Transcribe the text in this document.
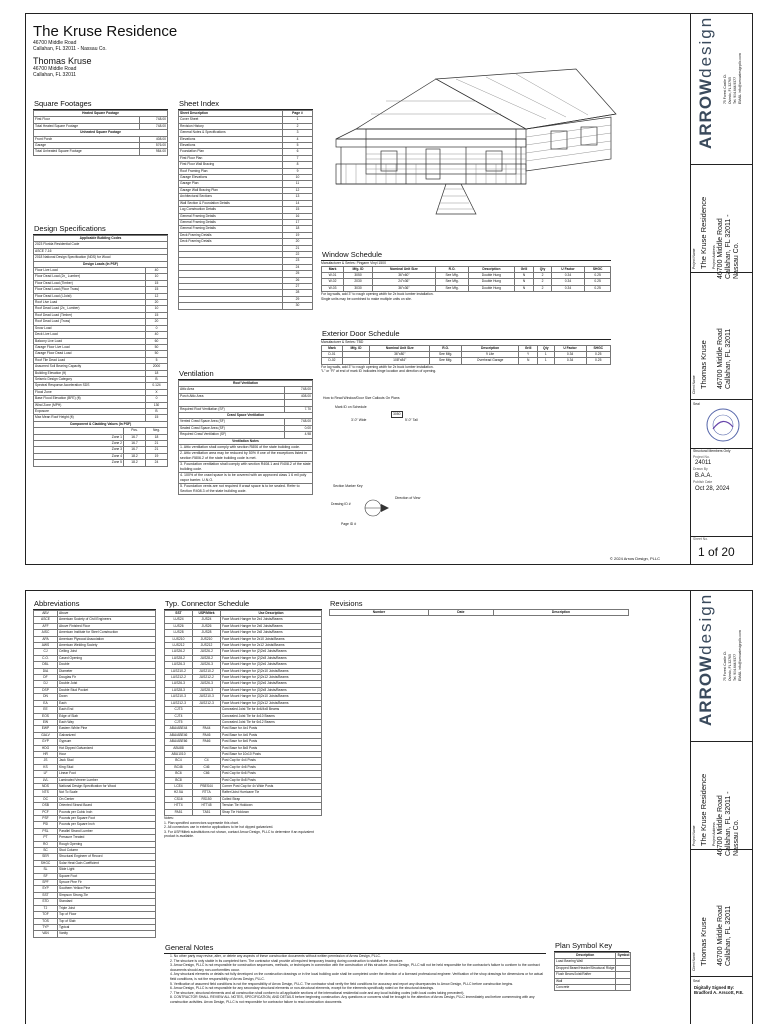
The Kruse Residence
46700 Middle Road
Callahan, FL 32011 - Nassau Co.
Thomas Kruse
46700 Middle Road
Callahan, FL 32011
Square Footages
Heated Square Footage	
First Floor	748.00
Total Heated Square Footage	748.00
Unheated Square Footage	
Front Porch	408.00
Garage	576.00
Total Unheated Square Footage	984.00
Design Specifications
Applicable Building Codes		
2023 Florida Residential Code		
ASCE 7-16		
2018 National Design Specification (NDS) for Wood		
Design Loads (In PSF)		
Floor Live Load		40
Floor Dead Load (2x_ Lumber)		10
Floor Dead Load (Timber)		15
Floor Dead Load (Floor Truss)		15
Floor Dead Load (I-Joist)		12
Roof Live Load		20
Roof Dead Load (2x_ Lumber)		10
Roof Dead Load (Timber)		15
Roof Dead Load (Truss)		20
Snow Load		0
Deck Live Load		40
Balcony Live Load		60
Garage Floor Live Load		50
Garage Floor Dead Load		50
Roof Tile Dead Load		5
Assumed Soil Bearing Capacity		2000
Building Elevation (ft)		18
Seismic Design Category		B
Spectral Response Acceleration SDS		0.124
Flood Zone		X
Base Flood Elevation (BFE) (ft)		0
Wind Zone (MPH)		130
Exposure		B
Max Mean Roof Height (ft)		15
Component & Cladding Values (In PSF)		
	Pos.	Neg.
Zone 1	16.7	18
Zone 2	16.7	21
Zone 3	16.7	21
Zone 4	18.2	19
Zone 5	18.2	24
Sheet Index
Sheet Description	Page #
Cover Sheet	1
Revision History	2
General Notes & Specifications	3
Elevations	4
Elevations	5
Foundation Plan	6
First Floor Plan	7
First Floor Wall Bracing	8
Roof Framing Plan	9
Garage Elevations	10
Garage Plan	11
Garage Wall Bracing Plan	12
Architectural Sections	13
Wall Section & Foundation Details	14
Log Construction Details	15
General Framing Details	16
General Framing Details	17
General Framing Details	18
Deck Framing Details	19
Deck Framing Details	20
	21
	22
	23
	24
	25
	26
	27
	28
	29
	30
Ventilation
Roof Ventilation	
Attic Area	748.00
Porch Attic Area	408.00

Required Roof Ventilation (SF)	7.70
Crawl Space Ventilation	
Vented Crawl Space Area (SF)	748.00
Sealed Crawl Space Area (SF)	0.00
Required Crawl Ventilation (SF)	4.98
Ventilation Notes	
1. Attic ventilation shall comply with section R806 of the state building code.
2. Attic ventilation area may be reduced by 50% if one of the exceptions listed in section R806.2 of the state building code is met.
3. Foundation ventilation shall comply with section R408.1 and R408.2 of the state building code.
4. 100% of the crawl space is to be covered with an approved class 1 6 mil poly vapor barrier. U.N.O.
5. Foundation vents are not required if crawl space is to be sealed. Refer to Section R408.3 of the state building code.
Window Schedule
Manufacturer & Series: Pingarm Vinyl 1500
Mark	Mfg. ID	Nominal Unit Size	R.O.	Description	Grill	Qty	U Factor	SHGC
W-01	3050	36"x60"	See Mfg.	Double Hung	N	2	0.34	0.25
W-02	2030	24"x36"	See Mfg.	Double Hung	N	2	0.34	0.25
W-03	3030	36"x36"	See Mfg.	Double Hung	N	2	0.34	0.25
For log walls, add 3" to rough opening width for 2x buck lumber installation.
Single units may be combined to make multiple units on site.
Exterior Door Schedule
Manufacturer & Series: TBD
Mark	Mfg. ID	Nominal Unit Size	R.O.	Description	Grill	Qty	U Factor	SHGC
D-01		36"x80"	See Mfg.	9 Lite	Y	1	0.34	0.25
D-02		108"x84"	See Mfg.	Overhead Garage	N	1	0.34	0.25
For log walls, add 3" to rough opening width for 2x buck lumber installation.
"L" or "R" at end of mark ID indicates hinge location and direction of opening.
How to Read Window/Door Size Callouts On Plans
Mark ID on Schedule
3050
3'-0" Wide	5'-0" Tall
Section Marker Key
Drawing ID #
Direction of View
Page ID #
© 2024 Arrow Design, PLLC
ARROWdesign
75 Forest Castle Ct. Oviedo, FL 32765 Tel. 904.644.9377 EMAIL info@arrowdesignpllc.com
Project Name The Kruse Residence Project Address 46700 Middle Road Callahan, FL 32011 - Nassau Co.
Client Name Thomas Kruse 46700 Middle Road Callahan, FL 32011
Seal
Structural Members Only
Project No.
24011
Drawn By
B.A.A.
Publish Date
Oct 28, 2024
Sheet No.
1 of 20
Abbreviations
ABV	Above
ASCE	American Society of Civil Engineers
AFF	Above Finished Floor
AISC	American Institute for Steel Construction
APA	American Plywood Association
AWS	American Welding Society
CJ	Ceiling Joist
C.O.	Cased Opening
DBL	Double
DIA	Diameter
DF	Douglas Fir
DJ	Double Joist
DSP	Double Stud Pocket
DN	Down
EA	Each
EE	Each End
EOS	Edge of Slab
EW	Each Way
EWP	Eastern White Pine
GALV	Galvanized
GYP	Gypsum
HDG	Hot Dipped Galvanized
HR	Hour
JS	Jack Stud
KS	King Stud
LF	Linear Foot
LVL	Laminated Veneer Lumber
NDS	National Design Specification for Wood
NTS	Not To Scale
OC	On Center
OSB	Oriented Strand Board
PCF	Pounds per Cubic Inch
PSF	Pounds per Square Foot
PSI	Pounds per Square Inch
PSL	Parallel Strand Lumber
PT	Pressure Treated
RO	Rough Opening
SC	Stud Column
SER	Structural Engineer of Record
SHGC	Solar Heat Gain Coefficient
SL	Slide Light
SF	Square Foot
SPF	Spruce Pine Fir
SYP	Southern Yellow Pine
SST	Simpson Strong-Tie
STD	Standard
TJ	Triple Joist
TOF	Top of Floor
TOS	Top of Slab
TYP	Typical
VAN	Vanity
Typ. Connector Schedule
SST	USP/Mitek	Use Description
LUS24	JUS24	Face Mount Hanger for 2x4 Joists/Beams
LUS26	JUS26	Face Mount Hanger for 2x6 Joists/Beams
LUS28	JUS28	Face Mount Hanger for 2x8 Joists/Beams
LUS210	JUS210	Face Mount Hanger for 2x10 Joists/Beams
LUS212	JUS212	Face Mount Hanger for 2x12 Joists/Beams
LUS26-2	JUS26-2	Face Mount Hanger for (2)2x6 Joists/Beams
LUS28-2	JUS28-2	Face Mount Hanger for (2)2x8 Joists/Beams
LUS26-3	JUS26-3	Face Mount Hanger for (3)2x6 Joists/Beams
LUS210-2	JUS210-2	Face Mount Hanger for (2)2x10 Joists/Beams
LUS212-2	JUS212-2	Face Mount Hanger for (2)2x12 Joists/Beams
LUS26-3	JUS26-3	Face Mount Hanger for (3)2x6 Joists/Beams
LUS28-3	JUS28-3	Face Mount Hanger for (3)2x8 Joists/Beams
LUS210-3	JUS210-3	Face Mount Hanger for (3)2x10 Joists/Beams
LUS212-3	JUS212-3	Face Mount Hanger for (3)2x12 Joists/Beams
CJT3		Concealed Joist Tie for 4x6/4x8 Beams
CJT4		Concealed Joist Tie for 4x10 Beams
CJT5		Concealed Joist Tie for 6x12 Beams
ABA/ABE44	PA44	Post Base for 4x4 Posts
ABA/ABE46	PA46	Post Base for 4x6 Posts
ABA/ABE66	PA66	Post Base for 6x6 Posts
ABU88		Post Base for 8x8 Posts
ABU1010		Post Base for 10x10 Posts
BC4	C4	Post Cap for 4x4 Posts
BC46	C46	Post Cap for 4x6 Posts
BC6	C66	Post Cap for 6x6 Posts
BC8		Post Cap for 8x8 Posts
LCE4	PBES44	Corner Post Cap for 4x Wide Posts
H2.5A	RT7A	Rafter/Joist Hurricane Tie
CS16	RS150	Coiled Strap
HTT4	HTT45	Tension Tie Holdown
PA51	TA51	Strap Tie Holdown
Notes:
1. Plan specified connectors supersede this chart.
2. All connectors use in exterior applications to be hot dipped galvanized.
3. For USP/Mitek substitutions not shown, contact Arrow Design, PLLC to determine if an equivalent product is available.
Revisions
Number	Date	Description
General Notes
1. No other party may revise, alter, or delete any aspects of these construction documents without written permission of Arrow Design, PLLC.
2. The structure is only stable in its completed form. The contractor shall provide all required temporary bracing during construction to stabilize the structure.
3. Arrow Design, PLLC is not responsible for construction sequences, methods, or techniques in connection with the construction of this structure. Arrow Design, PLLC will not be held responsible for the contractor's failure to conform to the contract documents should any non-conformities occur.
4. Any structural elements or details not fully developed on the construction drawings or in the local building code shall be completed under the direction of a licensed professional engineer. Verification of the shop drawings for dimensions or for actual field conditions, is not the responsibility of Arrow Design, PLLC.
5. Verification of assumed field conditions is not the responsibility of Arrow Design, PLLC. The contractor shall verify the field conditions for accuracy and report any discrepancies to Arrow Design, PLLC before construction begins.
6. Arrow Design, PLLC is not responsible for any secondary structural elements or non-structural elements, except for the elements specifically noted on the structural drawings.
7. The structure, structural elements and all construction shall conform to all applicable sections of the international residential code and any local building codes (with local codes taking precedent).
8. CONTRACTOR SHALL REVIEW ALL NOTES, SPECIFICATION, AND DETAILS before beginning construction. Any questions or concerns shall be brought to the attention of Arrow Design, PLLC immediately and before commencing with any construction activities. Arrow Design, PLLC is not responsible for contractor failure to read construction documents.
Plan Symbol Key
Description	Symbol
Load Bearing Wall	
Dropped Beam/Header/Structural Ridge	
Flush Beam/Joist/Rafter	
Wall	
Concrete	
ARROWdesign
75 Forest Castle Ct. Oviedo, FL 32765 Tel. 904.644.9377 EMAIL info@arrowdesignpllc.com
Project Name The Kruse Residence Project Address 46700 Middle Road Callahan, FL 32011 - Nassau Co.
Client Name Thomas Kruse 46700 Middle Road Callahan, FL 32011
Seal
Digitally Signed By: Bradford A. Arscott, P.E.
